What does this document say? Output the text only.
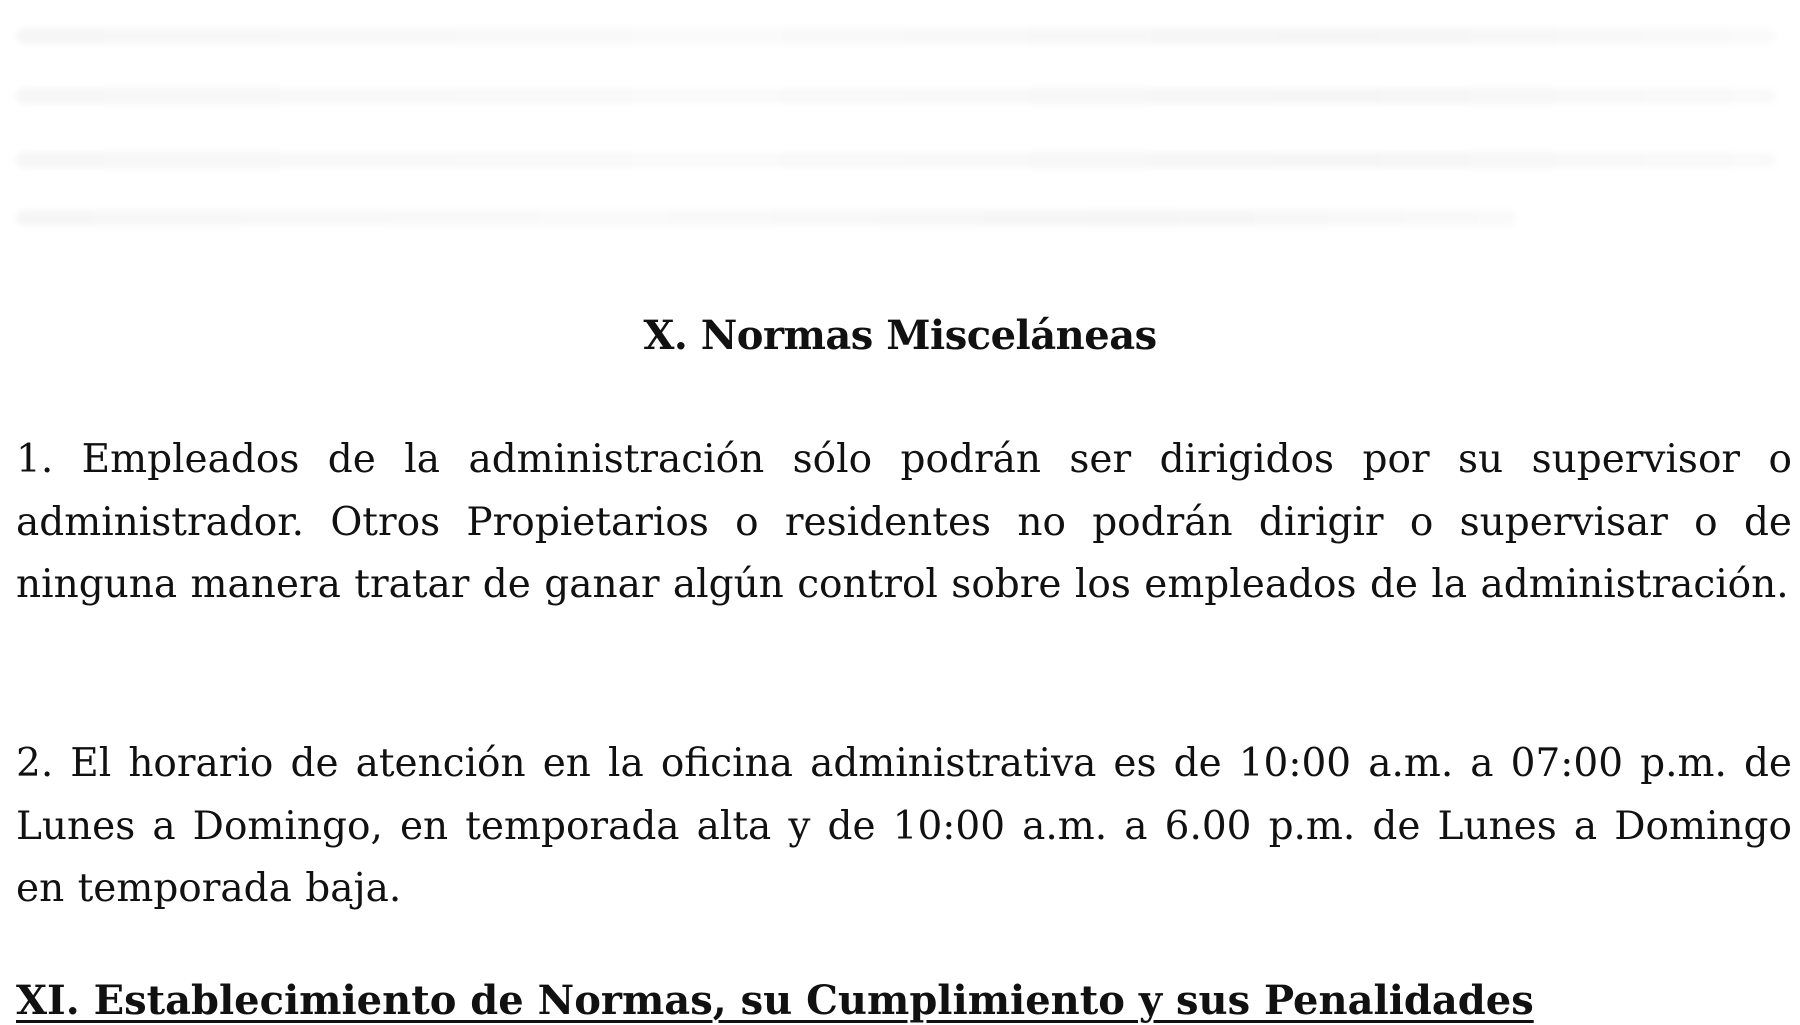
X. Normas Misceláneas

1. Empleados de la administración sólo podrán ser dirigidos por su supervisor o administrador. Otros Propietarios o residentes no podrán dirigir o supervisar o de ninguna manera tratar de ganar algún control sobre los empleados de la administración.

2. El horario de atención en la oficina administrativa es de 10:00 a.m. a 07:00 p.m. de Lunes a Domingo, en temporada alta y de 10:00 a.m. a 6.00 p.m. de Lunes a Domingo en temporada baja.

XI. Establecimiento de Normas, su Cumplimiento y sus Penalidades
